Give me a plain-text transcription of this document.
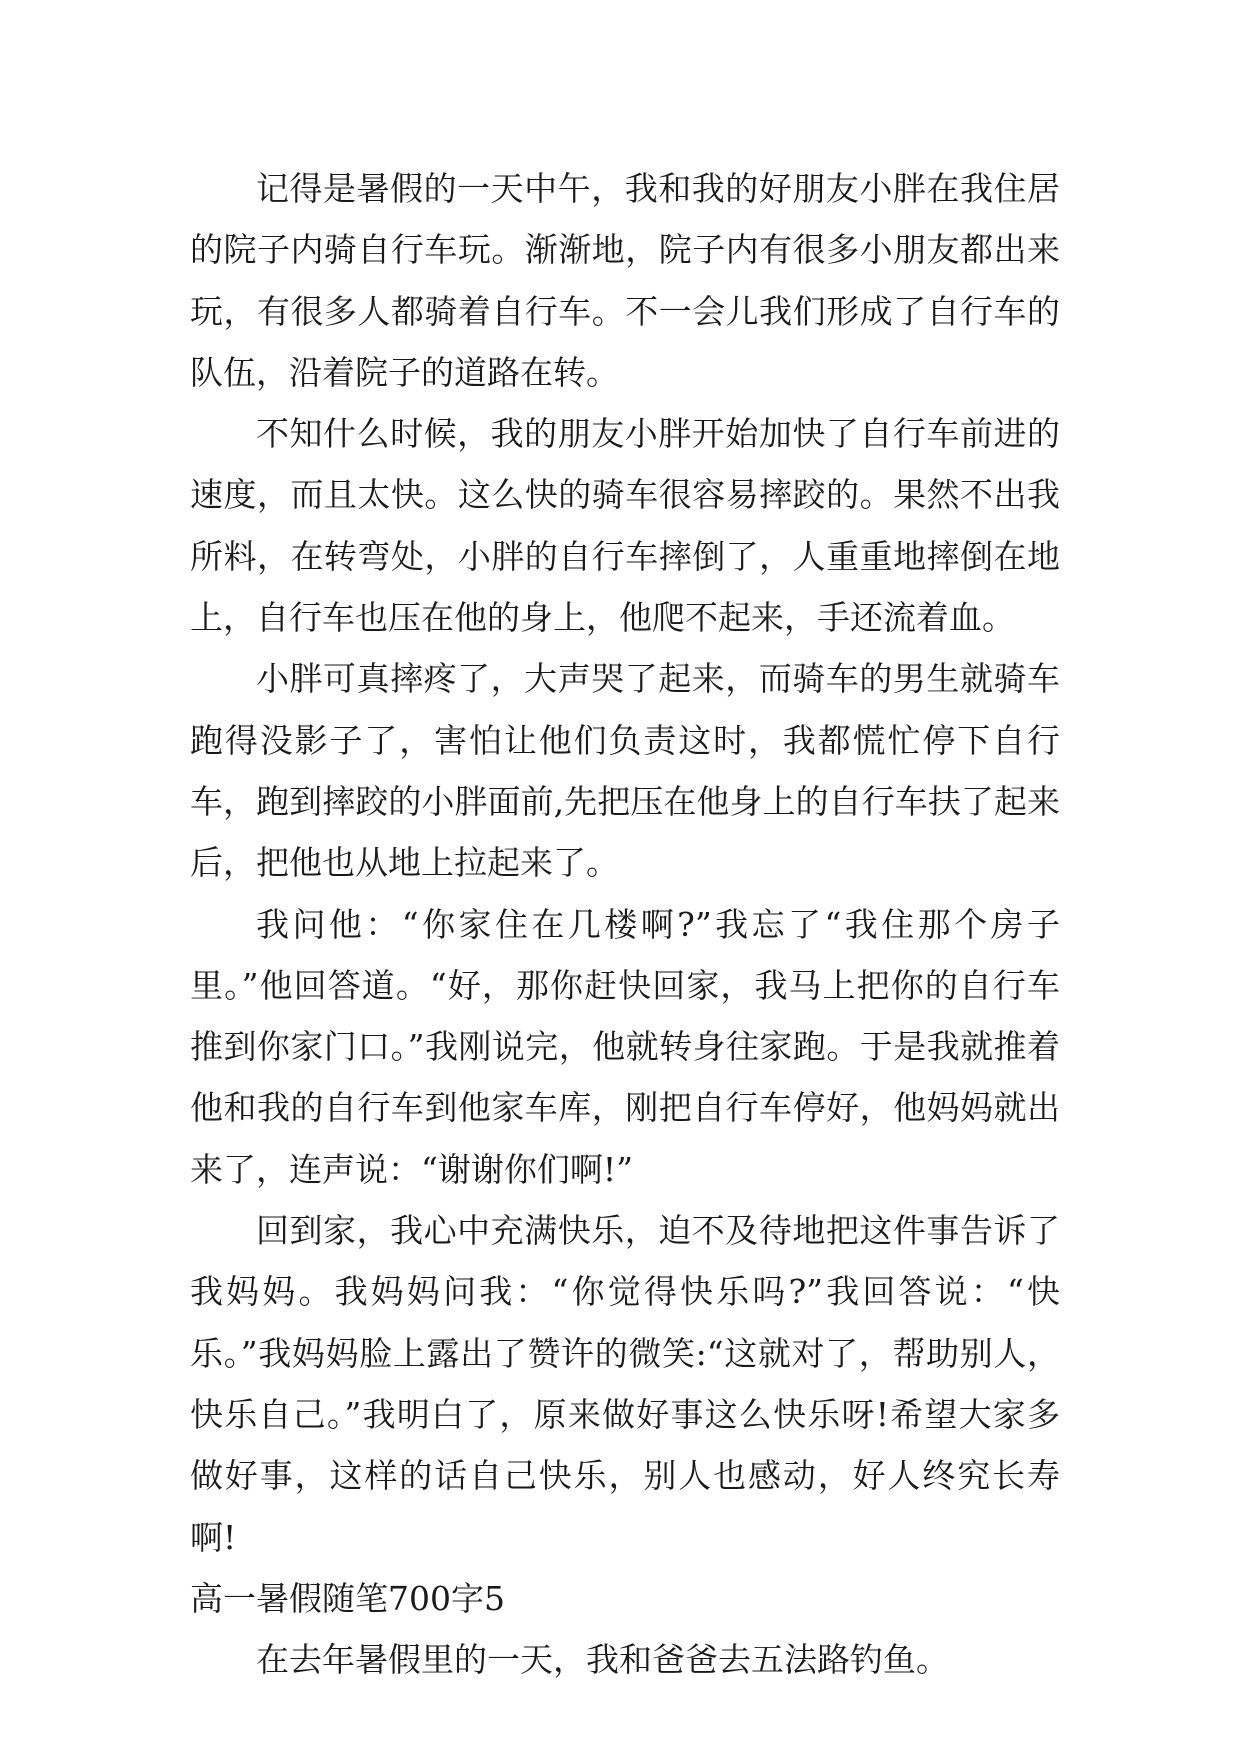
记得是暑假的一天中午，我和我的好朋友小胖在我住居的院子内骑自行车玩。渐渐地，院子内有很多小朋友都出来玩，有很多人都骑着自行车。不一会儿我们形成了自行车的队伍，沿着院子的道路在转。

不知什么时候，我的朋友小胖开始加快了自行车前进的速度，而且太快。这么快的骑车很容易摔跤的。果然不出我所料，在转弯处，小胖的自行车摔倒了，人重重地摔倒在地上，自行车也压在他的身上，他爬不起来，手还流着血。

小胖可真摔疼了，大声哭了起来，而骑车的男生就骑车跑得没影子了，害怕让他们负责这时，我都慌忙停下自行车，跑到摔跤的小胖面前,先把压在他身上的自行车扶了起来后，把他也从地上拉起来了。

我问他：“你家住在几楼啊?”我忘了“我住那个房子里。”他回答道。“好，那你赶快回家，我马上把你的自行车推到你家门口。”我刚说完，他就转身往家跑。于是我就推着他和我的自行车到他家车库，刚把自行车停好，他妈妈就出来了，连声说：“谢谢你们啊!”

回到家，我心中充满快乐，迫不及待地把这件事告诉了我妈妈。我妈妈问我：“你觉得快乐吗?”我回答说：“快乐。”我妈妈脸上露出了赞许的微笑:“这就对了，帮助别人，快乐自己。”我明白了，原来做好事这么快乐呀!希望大家多做好事，这样的话自己快乐，别人也感动，好人终究长寿啊!

高一暑假随笔700字5

在去年暑假里的一天，我和爸爸去五法路钓鱼。
